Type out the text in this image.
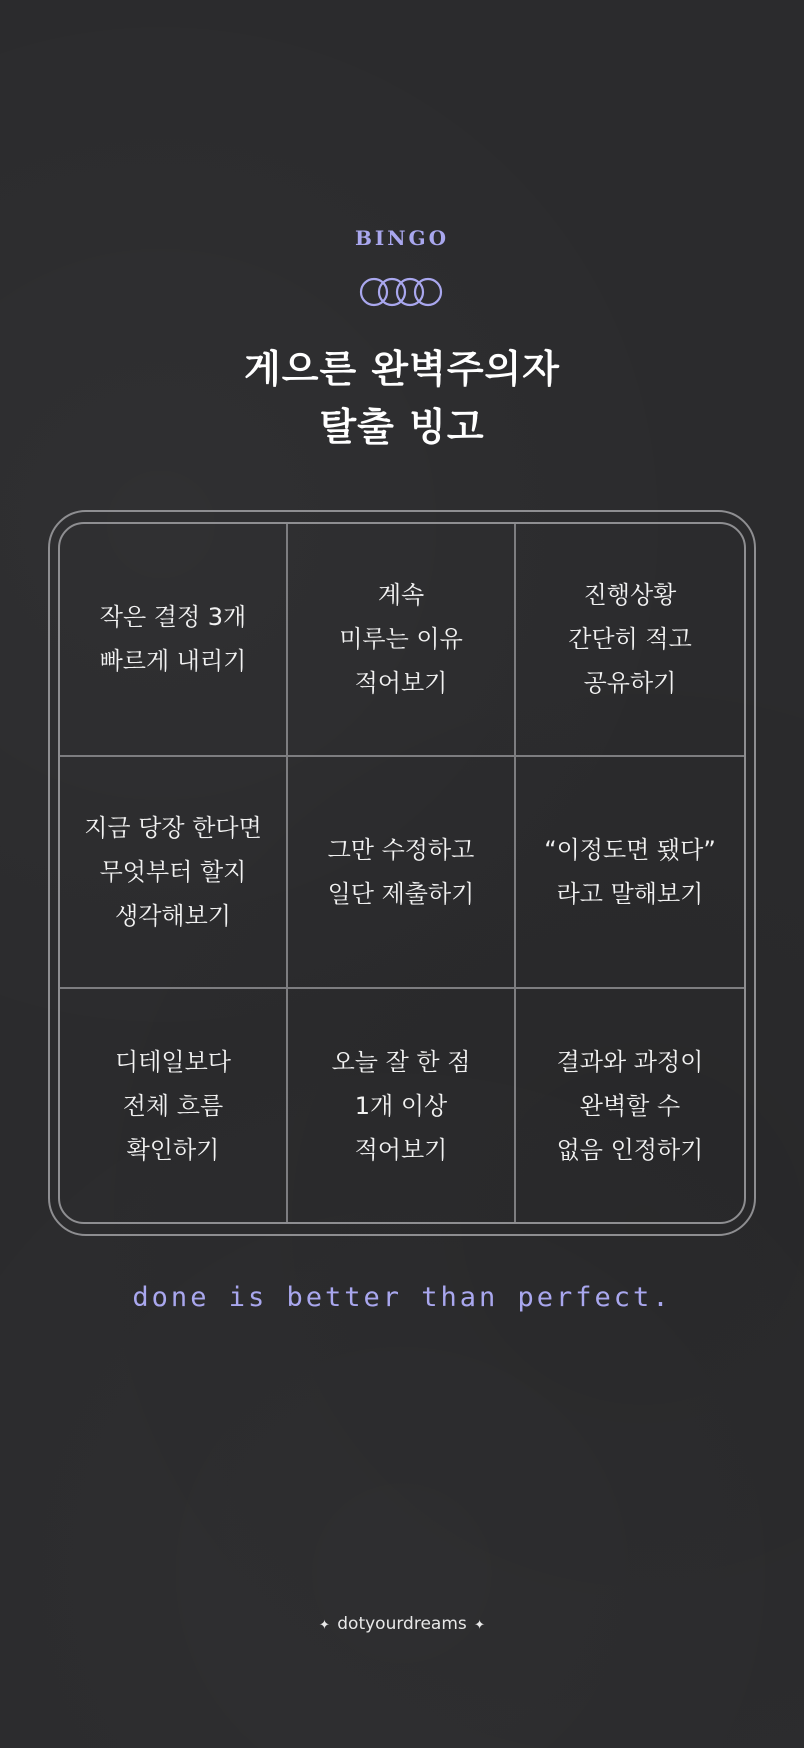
BINGO
게으른 완벽주의자
탈출 빙고
작은 결정 3개
빠르게 내리기
계속
미루는 이유
적어보기
진행상황
간단히 적고
공유하기
지금 당장 한다면
무엇부터 할지
생각해보기
그만 수정하고
일단 제출하기
“이정도면 됐다”
라고 말해보기
디테일보다
전체 흐름
확인하기
오늘 잘 한 점
1개 이상
적어보기
결과와 과정이
완벽할 수
없음 인정하기
done is better than perfect.
✦ dotyourdreams ✦
